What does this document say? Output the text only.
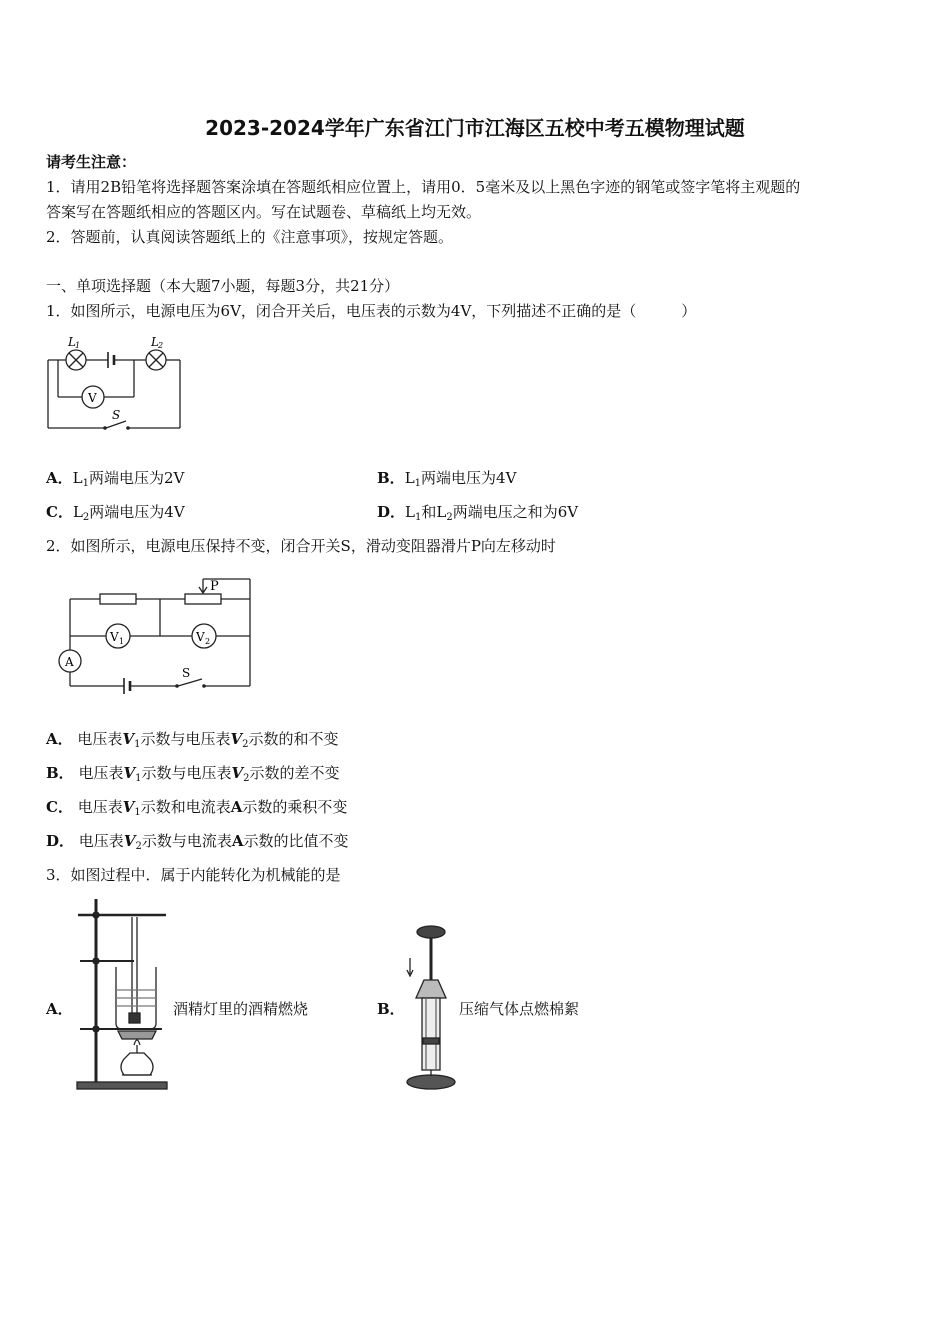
2023-2024学年广东省江门市江海区五校中考五模物理试题
请考生注意：
1．请用2B铅笔将选择题答案涂填在答题纸相应位置上，请用0．5毫米及以上黑色字迹的钢笔或签字笔将主观题的
答案写在答题纸相应的答题区内。写在试题卷、草稿纸上均无效。
2．答题前，认真阅读答题纸上的《注意事项》，按规定答题。
一、单项选择题（本大题7小题，每题3分，共21分）
1．如图所示，电源电压为6V，闭合开关后，电压表的示数为4V，下列描述不正确的是（　　　）
L 1	L 2
V
S
A．$L_1$两端电压为2V	B．$L_1$两端电压为4V
C．$L_2$两端电压为4V	D．$L_1$和$L_2$两端电压之和为6V
2．如图所示，电源电压保持不变，闭合开关S，滑动变阻器滑片P向左移动时
P
V 1	V 2
A
S
A． 电压表$V_1$示数与电压表$V_2$示数的和不变
B． 电压表$V_1$示数与电压表$V_2$示数的差不变
C． 电压表$V_1$示数和电流表A示数的乘积不变
D． 电压表$V_2$示数与电流表A示数的比值不变
3．如图过程中．属于内能转化为机械能的是
A．	酒精灯里的酒精燃烧	B．	压缩气体点燃棉絮
